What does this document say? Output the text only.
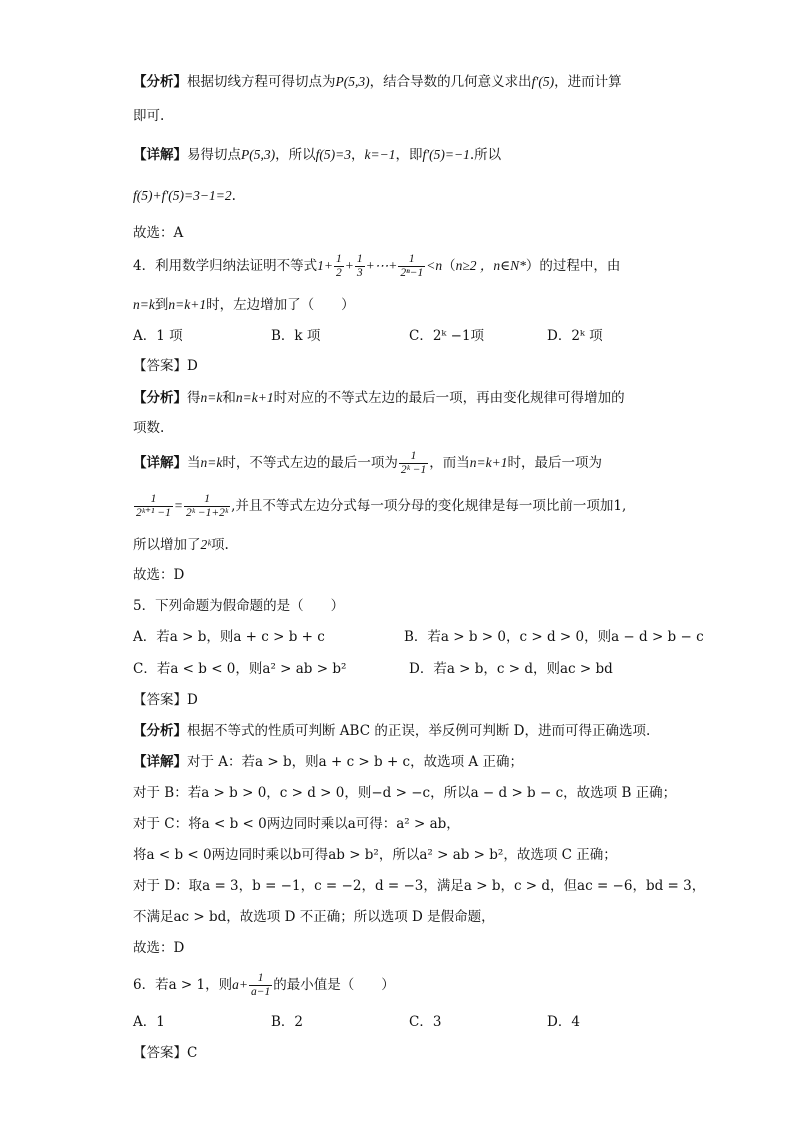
【分析】根据切线方程可得切点为P(5,3)，结合导数的几何意义求出f′(5)，进而计算
即可.
【详解】易得切点P(5,3)，所以f(5)=3，k=−1，即f′(5)=−1.所以
f(5)+f′(5)=3−1=2.
故选：A
4．利用数学归纳法证明不等式$1+ \frac{1}{2} + \frac{1}{3}$ +⋯+ $\frac{1}{\text{2ⁿ−1}} <n(n\ge 2$ ，n∈N*）的过程中，由
n=k到n=k+1时，左边增加了（　　）
A．1 项	B．k 项	C．2ᵏ −1项	D．2ᵏ 项
【答案】D
【分析】得n=k和n=k+1时对应的不等式左边的最后一项，再由变化规律可得增加的
项数.
【详解】当n=k时，不等式左边的最后一项为 $\frac{1}{\text{2ᵏ −1}}$ ，而当n=k+1时，最后一项为
$\frac{1}{\text{2ᵏ⁺¹ −1}} = \frac{1}{\text{2ᵏ −1+2ᵏ}}$ ,并且不等式左边分式每一项分母的变化规律是每一项比前一项加1,
所以增加了2ᵏ项.
故选：D
5．下列命题为假命题的是（　　）
A．若a > b，则a + c > b + c	B．若a > b > 0，c > d > 0，则a − d > b − c
C．若a < b < 0，则a² > ab > b²	D．若a > b，c > d，则ac > bd
【答案】D
【分析】根据不等式的性质可判断 ABC 的正误，举反例可判断 D，进而可得正确选项.
【详解】对于 A：若a > b，则a + c > b + c，故选项 A 正确；
对于 B：若a > b > 0，c > d > 0，则−d > −c，所以a − d > b − c，故选项 B 正确；
对于 C：将a < b < 0两边同时乘以a可得：a² > ab，
将a < b < 0两边同时乘以b可得ab > b²，所以a² > ab > b²，故选项 C 正确；
对于 D：取a = 3，b = −1，c = −2，d = −3，满足a > b，c > d，但ac = −6，bd = 3，
不满足ac > bd，故选项 D 不正确；所以选项 D 是假命题，
故选：D
6．若a > 1，则$a+ \frac{1}{a-1}$ 的最小值是（　　）
A．1	B．2	C．3	D．4
【答案】C
